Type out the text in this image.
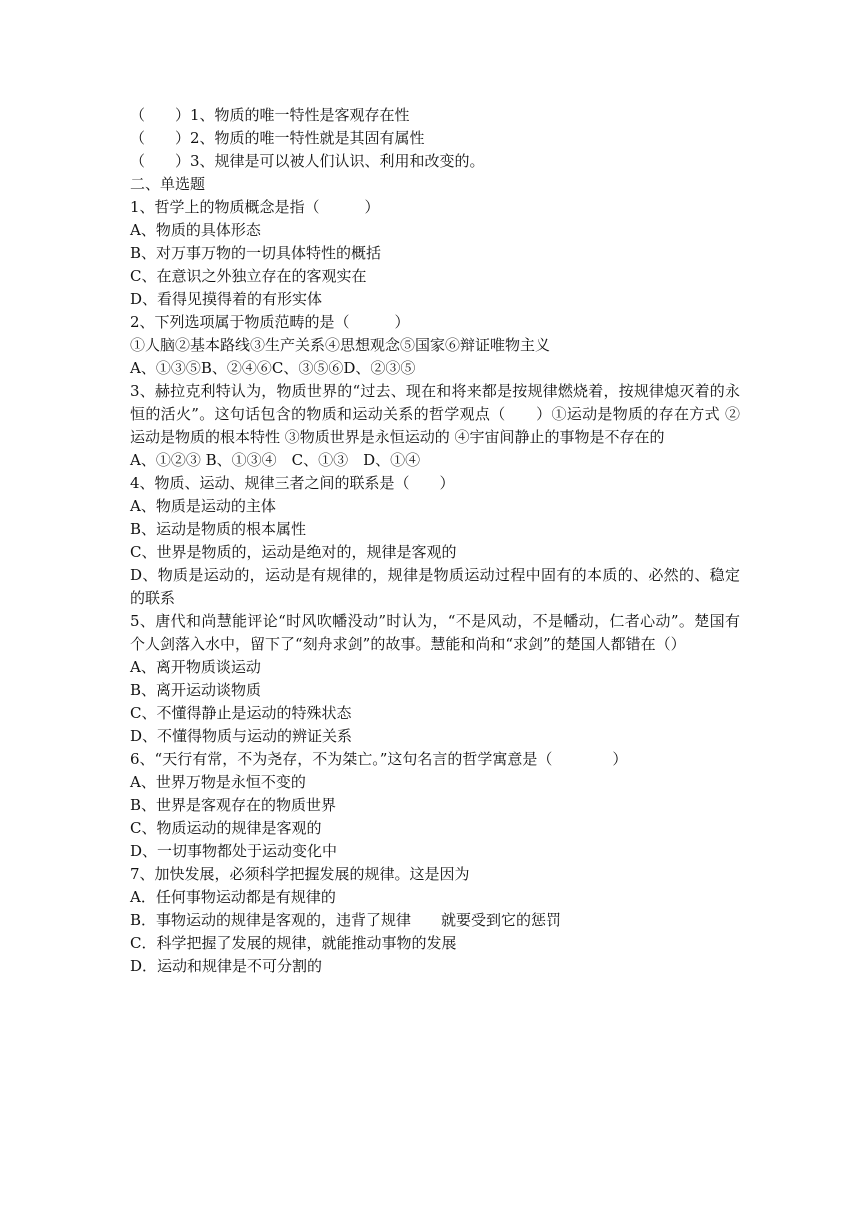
（　　）1、物质的唯一特性是客观存在性

（　　）2、物质的唯一特性就是其固有属性

（　　）3、规律是可以被人们认识、利用和改变的。

二、单选题

1、哲学上的物质概念是指（　　　）

A、物质的具体形态

B、对万事万物的一切具体特性的概括

C、在意识之外独立存在的客观实在

D、看得见摸得着的有形实体

2、下列选项属于物质范畴的是（　　　）

①人脑②基本路线③生产关系④思想观念⑤国家⑥辩证唯物主义

A、①③⑤B、②④⑥C、③⑤⑥D、②③⑤

3、赫拉克利特认为，物质世界的“过去、现在和将来都是按规律燃烧着，按规律熄灭着的永恒的活火”。这句话包含的物质和运动关系的哲学观点（　　）①运动是物质的存在方式 ②运动是物质的根本特性 ③物质世界是永恒运动的 ④宇宙间静止的事物是不存在的

A、①②③ B、①③④　C、①③　D、①④

4、物质、运动、规律三者之间的联系是（　　）

A、物质是运动的主体

B、运动是物质的根本属性

C、世界是物质的，运动是绝对的，规律是客观的

D、物质是运动的，运动是有规律的，规律是物质运动过程中固有的本质的、必然的、稳定的联系

5、唐代和尚慧能评论“时风吹幡没动”时认为，“不是风动，不是幡动，仁者心动”。楚国有个人剑落入水中，留下了“刻舟求剑”的故事。慧能和尚和“求剑”的楚国人都错在（）

A、离开物质谈运动

B、离开运动谈物质

C、不懂得静止是运动的特殊状态

D、不懂得物质与运动的辨证关系

6、“天行有常，不为尧存，不为桀亡。”这句名言的哲学寓意是（　　　　）

A、世界万物是永恒不变的

B、世界是客观存在的物质世界

C、物质运动的规律是客观的

D、一切事物都处于运动变化中

7、加快发展，必须科学把握发展的规律。这是因为

A．任何事物运动都是有规律的

B．事物运动的规律是客观的，违背了规律　　就要受到它的惩罚

C．科学把握了发展的规律，就能推动事物的发展

D．运动和规律是不可分割的
